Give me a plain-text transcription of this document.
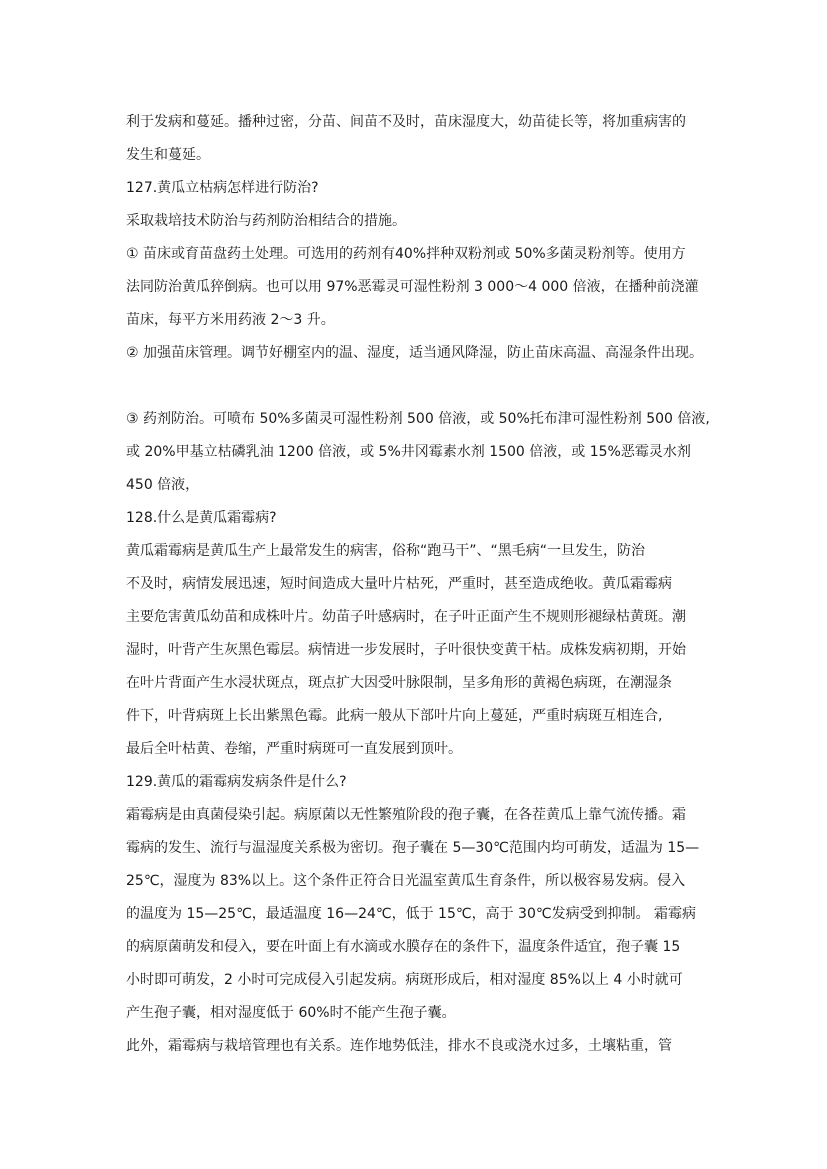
利于发病和蔓延。播种过密，分苗、间苗不及时，苗床湿度大，幼苗徒长等，将加重病害的
发生和蔓延。
127.黄瓜立枯病怎样进行防治?
采取栽培技术防治与药剂防治相结合的措施。
① 苗床或育苗盘药土处理。可选用的药剂有40%拌种双粉剂或 50%多菌灵粉剂等。使用方
法同防治黄瓜猝倒病。也可以用 97%恶霉灵可湿性粉剂 3 000～4 000 倍液，在播种前浇灌
苗床，每平方米用药液 2～3 升。
② 加强苗床管理。调节好棚室内的温、湿度，适当通风降湿，防止苗床高温、高湿条件出现。
③ 药剂防治。可喷布 50%多菌灵可湿性粉剂 500 倍液，或 50%托布津可湿性粉剂 500 倍液,
或 20%甲基立枯磷乳油 1200 倍液，或 5%井冈霉素水剂 1500 倍液，或 15%恶霉灵水剂
450 倍液，
128.什么是黄瓜霜霉病?
黄瓜霜霉病是黄瓜生产上最常发生的病害，俗称“跑马干”、“黑毛病“一旦发生，防治
不及时，病情发展迅速，短时间造成大量叶片枯死，严重时，甚至造成绝收。黄瓜霜霉病
主要危害黄瓜幼苗和成株叶片。幼苗子叶感病时，在子叶正面产生不规则形褪绿枯黄斑。潮
湿时，叶背产生灰黑色霉层。病情进一步发展时，子叶很快变黄干枯。成株发病初期，开始
在叶片背面产生水浸状斑点，斑点扩大因受叶脉限制，呈多角形的黄褐色病斑，在潮湿条
件下，叶背病斑上长出紫黑色霉。此病一般从下部叶片向上蔓延，严重时病斑互相连合,
最后全叶枯黄、卷缩，严重时病斑可一直发展到顶叶。
129.黄瓜的霜霉病发病条件是什么?
霜霉病是由真菌侵染引起。病原菌以无性繁殖阶段的孢子囊，在各茬黄瓜上靠气流传播。霜
霉病的发生、流行与温湿度关系极为密切。孢子囊在 5—30℃范围内均可萌发，适温为 15—
25℃，湿度为 83%以上。这个条件正符合日光温室黄瓜生育条件，所以极容易发病。侵入
的温度为 15—25℃，最适温度 16—24℃，低于 15℃，高于 30℃发病受到抑制。 霜霉病
的病原菌萌发和侵入，要在叶面上有水滴或水膜存在的条件下，温度条件适宜，孢子囊 15
小时即可萌发，2 小时可完成侵入引起发病。病斑形成后，相对湿度 85%以上 4 小时就可
产生孢子囊，相对湿度低于 60%时不能产生孢子囊。
此外，霜霉病与栽培管理也有关系。连作地势低洼，排水不良或浇水过多，土壤粘重，管
